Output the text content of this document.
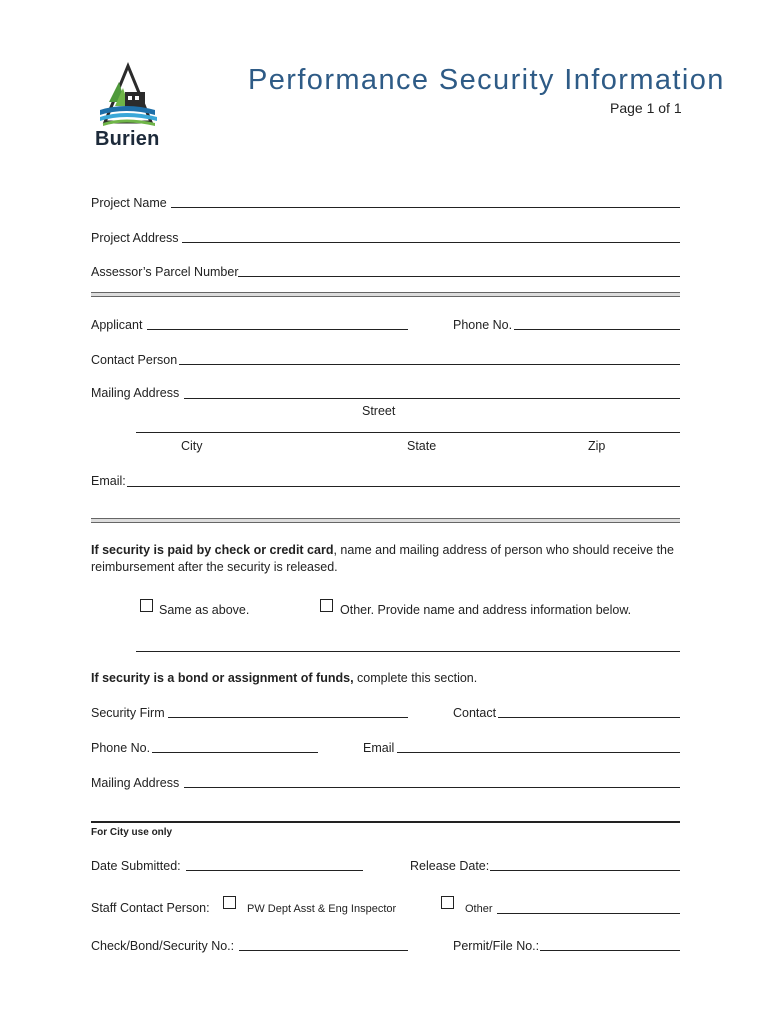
Burien
Performance Security Information
Page 1 of 1
Project Name
Project Address
Assessor’s Parcel Number
Applicant	Phone No.
Contact Person
Mailing Address
Street
City	State	Zip
Email:
If security is paid by check or credit card, name and mailing address of person who should receive the
reimbursement after the security is released.
Same as above.	Other. Provide name and address information below.
If security is a bond or assignment of funds, complete this section.
Security Firm	Contact
Phone No.	Email
Mailing Address
For City use only
Date Submitted:	Release Date:
Staff Contact Person:	PW Dept Asst & Eng Inspector	Other
Check/Bond/Security No.:	Permit/File No.:
